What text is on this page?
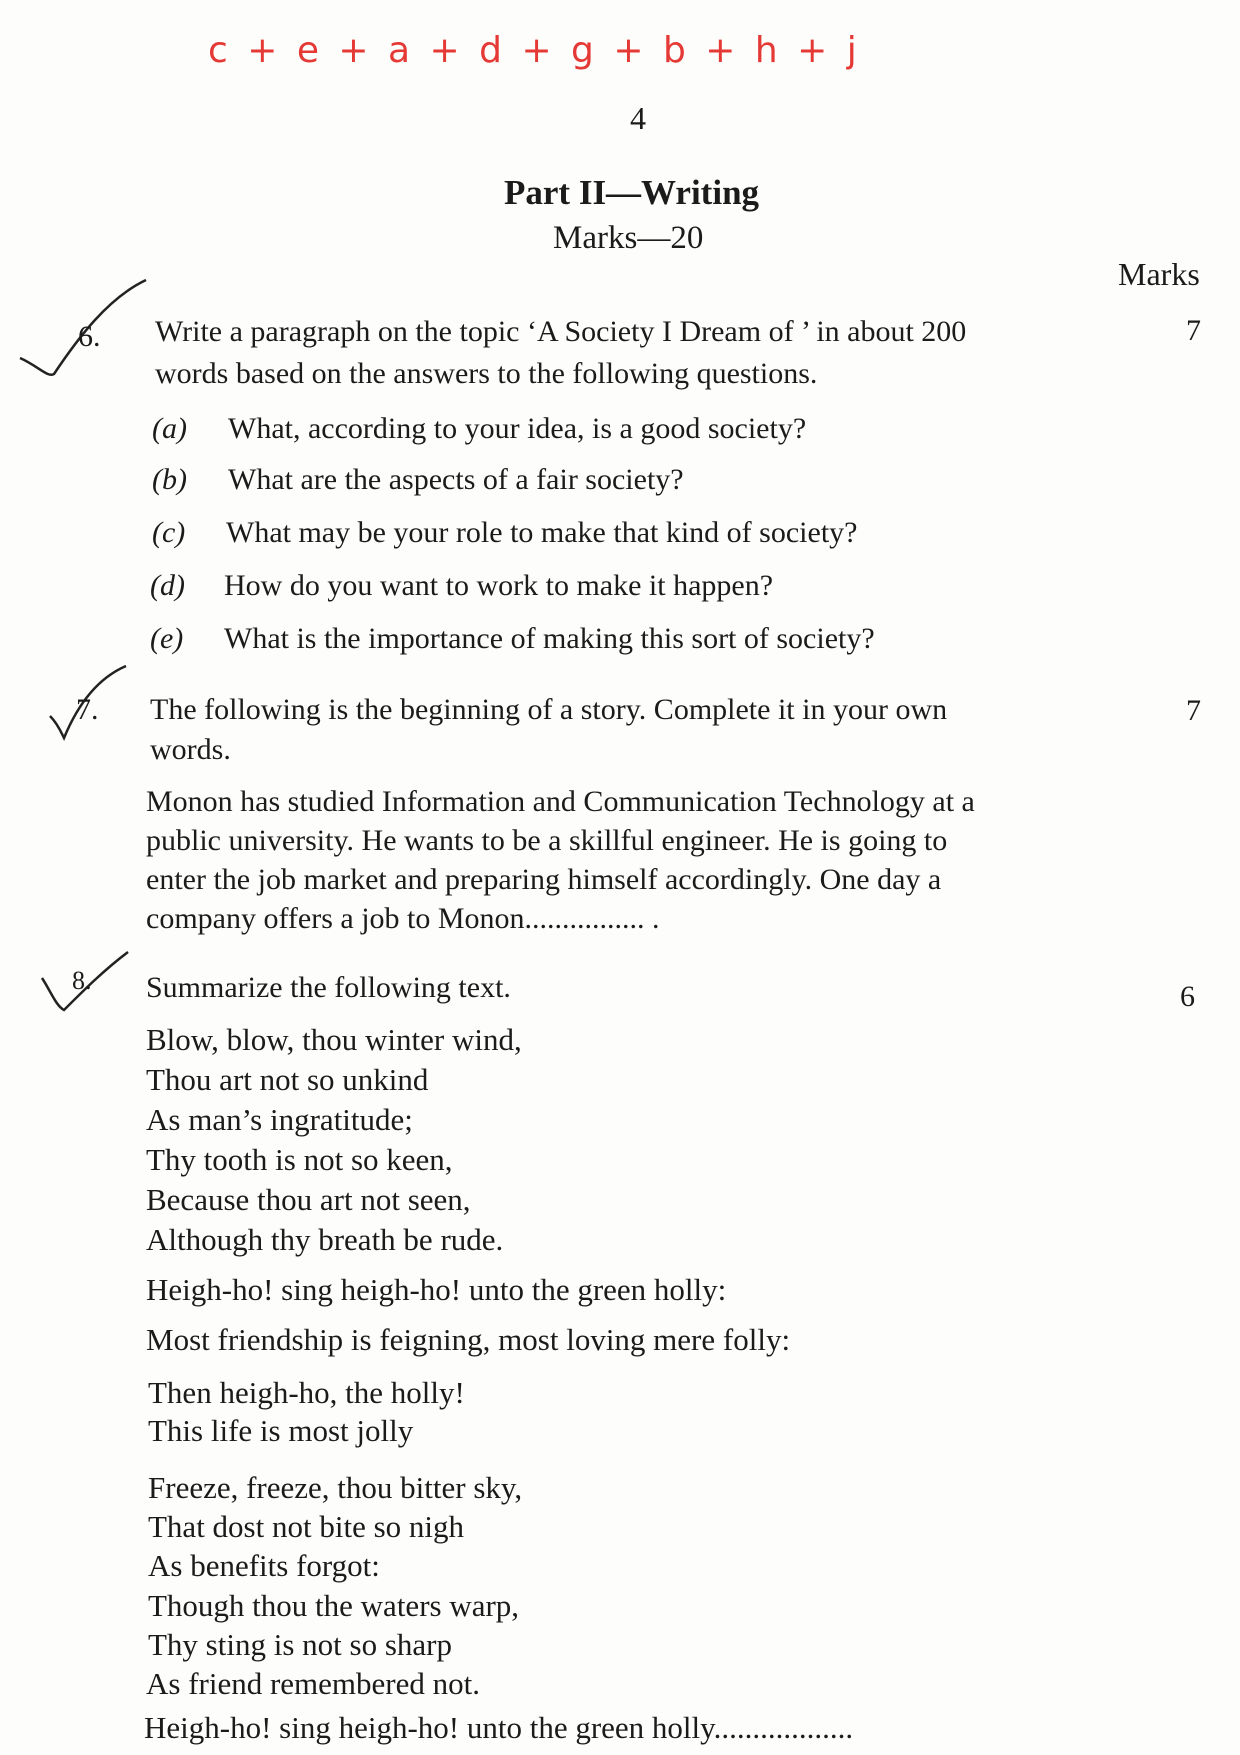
c + e + a + d + g + b + h + j
4
Part II—Writing
Marks—20
Marks
6. Write a paragraph on the topic ‘A Society I Dream of ’ in about 200
words based on the answers to the following questions.
7
(a) What, according to your idea, is a good society?
(b) What are the aspects of a fair society?
(c) What may be your role to make that kind of society?
(d) How do you want to work to make it happen?
(e) What is the importance of making this sort of society?
7. The following is the beginning of a story. Complete it in your own
words.
7
Monon has studied Information and Communication Technology at a
public university. He wants to be a skillful engineer. He is going to
enter the job market and preparing himself accordingly. One day a
company offers a job to Monon................ .
8. Summarize the following text.	6
Blow, blow, thou winter wind,
Thou art not so unkind
As man’s ingratitude;
Thy tooth is not so keen,
Because thou art not seen,
Although thy breath be rude.
Heigh-ho! sing heigh-ho! unto the green holly:
Most friendship is feigning, most loving mere folly:
Then heigh-ho, the holly!
This life is most jolly
Freeze, freeze, thou bitter sky,
That dost not bite so nigh
As benefits forgot:
Though thou the waters warp,
Thy sting is not so sharp
As friend remembered not.
Heigh-ho! sing heigh-ho! unto the green holly..................
